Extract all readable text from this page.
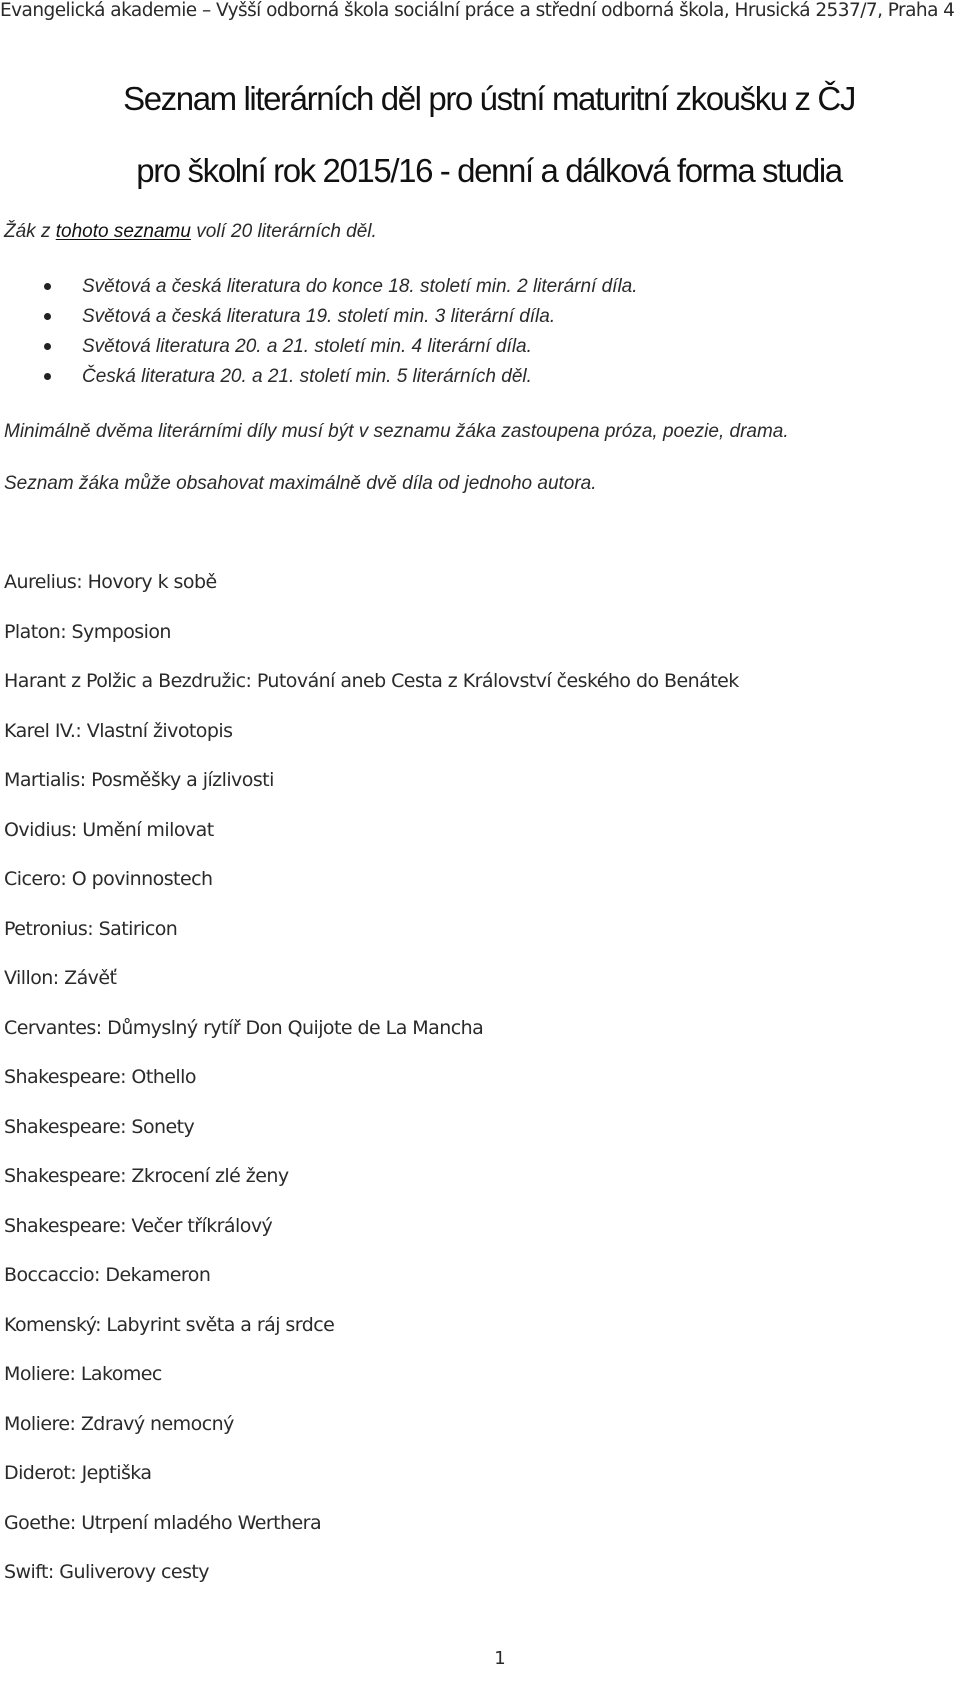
Evangelická akademie – Vyšší odborná škola sociální práce a střední odborná škola, Hrusická 2537/7, Praha 4
Seznam literárních děl pro ústní maturitní zkoušku z ČJ
pro školní rok 2015/16 - denní a dálková forma studia
Žák z tohoto seznamu volí 20 literárních děl.
Světová a česká literatura do konce 18. století min. 2 literární díla.
Světová a česká literatura 19. století min. 3 literární díla.
Světová literatura 20. a 21. století min. 4 literární díla.
Česká literatura 20. a 21. století min. 5 literárních děl.
Minimálně dvěma literárními díly musí být v seznamu žáka zastoupena próza, poezie, drama.
Seznam žáka může obsahovat maximálně dvě díla od jednoho autora.
Aurelius: Hovory k sobě
Platon: Symposion
Harant z Polžic a Bezdružic: Putování aneb Cesta z Království českého do Benátek
Karel IV.: Vlastní životopis
Martialis: Posměšky a jízlivosti
Ovidius: Umění milovat
Cicero: O povinnostech
Petronius: Satiricon
Villon: Závěť
Cervantes: Důmyslný rytíř Don Quijote de La Mancha
Shakespeare: Othello
Shakespeare: Sonety
Shakespeare: Zkrocení zlé ženy
Shakespeare: Večer tříkrálový
Boccaccio: Dekameron
Komenský: Labyrint světa a ráj srdce
Moliere: Lakomec
Moliere: Zdravý nemocný
Diderot: Jeptiška
Goethe: Utrpení mladého Werthera
Swift: Guliverovy cesty
1
